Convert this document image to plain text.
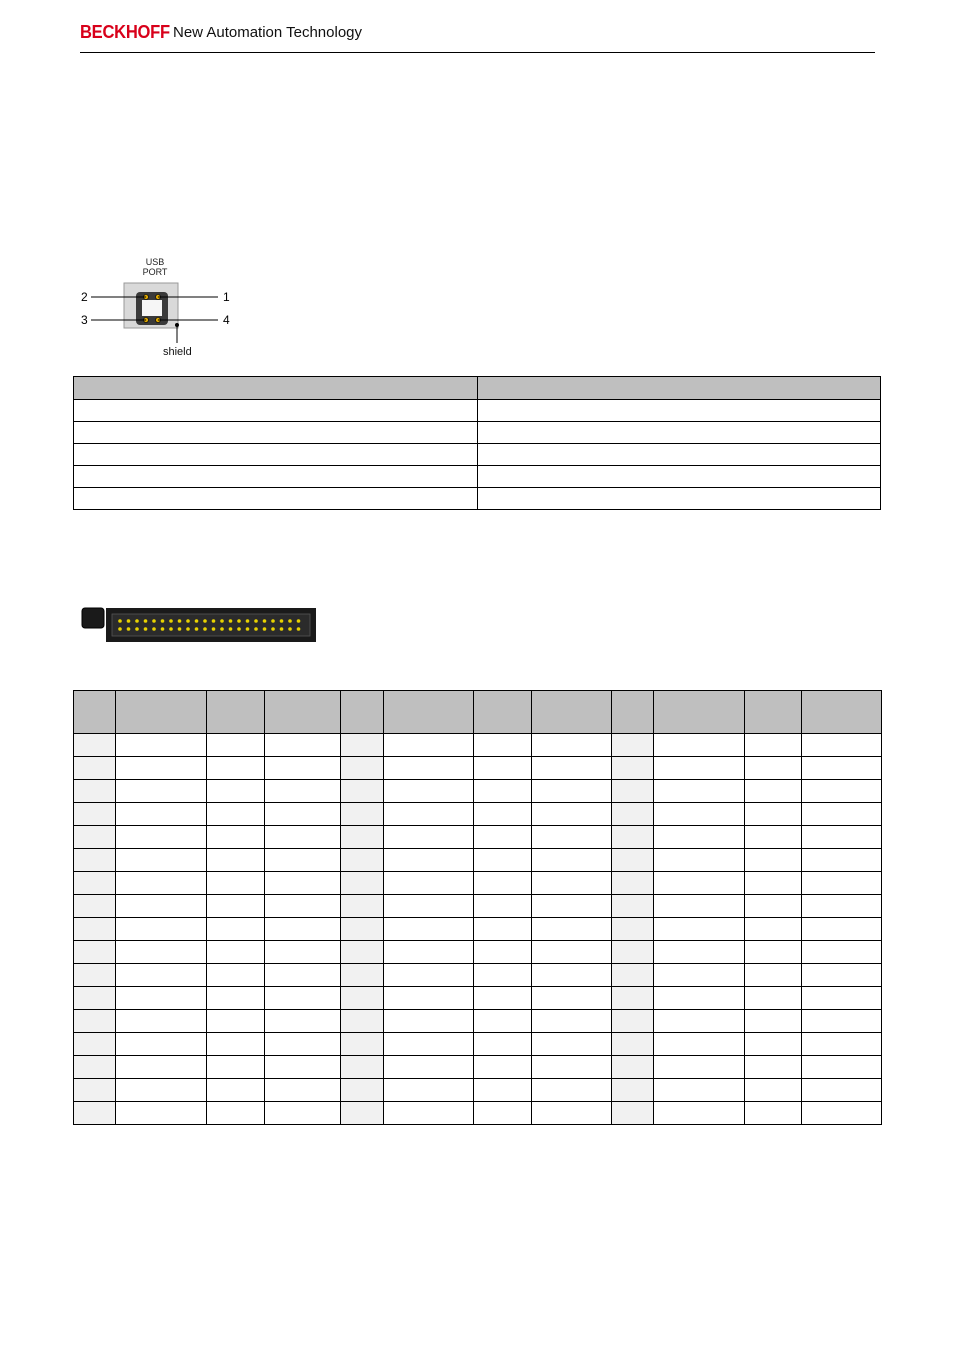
BECKHOFF New Automation Technology
USB
PORT
2	1
3	4
shield
